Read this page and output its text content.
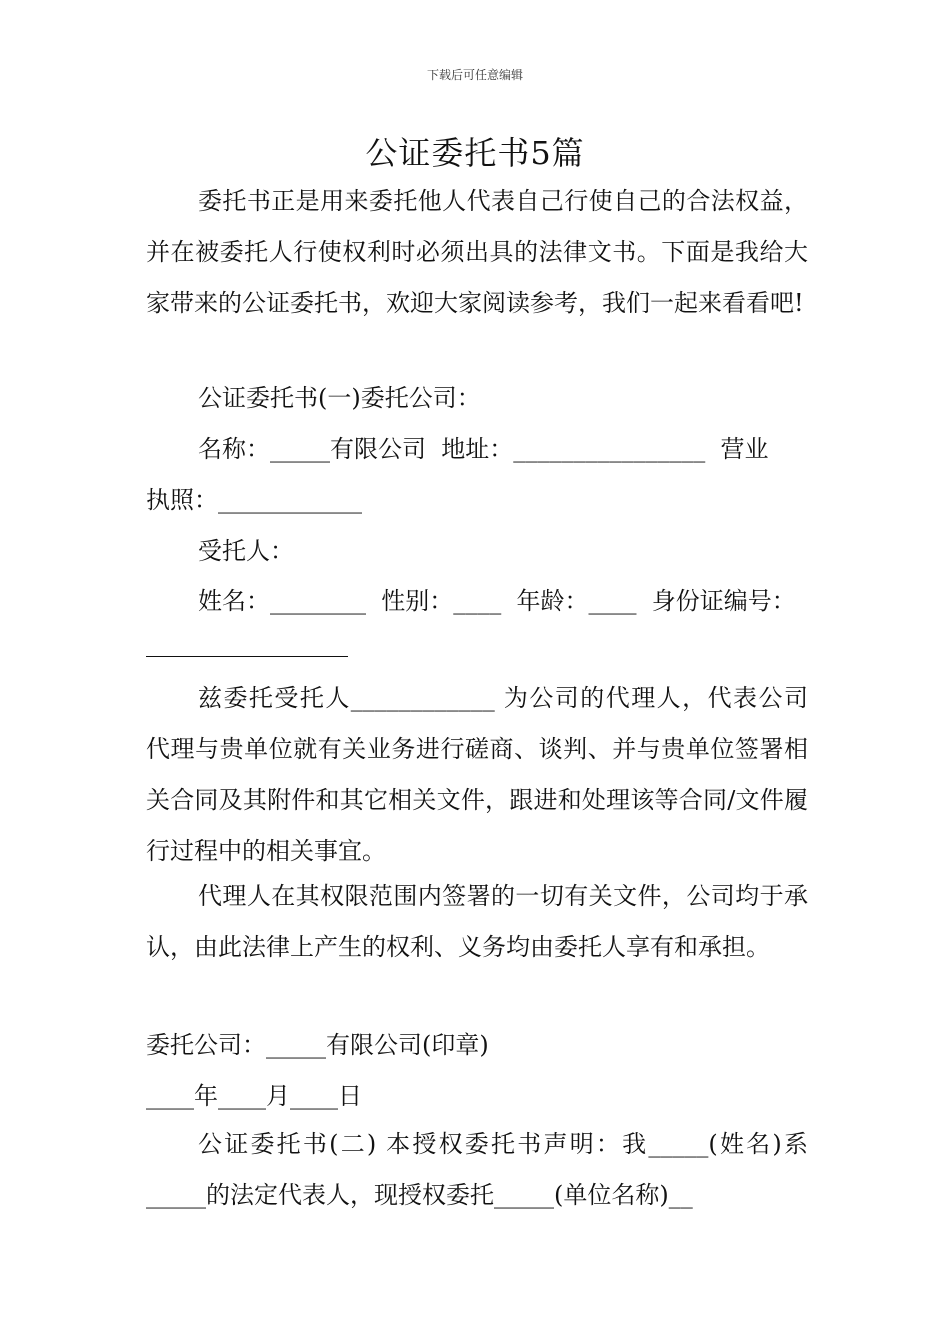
下载后可任意编辑
公证委托书5篇
委托书正是用来委托他人代表自己行使自己的合法权益，并在被委托人行使权利时必须出具的法律文书。下面是我给大家带来的公证委托书，欢迎大家阅读参考，我们一起来看看吧!
公证委托书(一)委托公司：
名称：_____有限公司  地址：________________  营业
执照：____________
受托人：
姓名：________  性别：____  年龄：____  身份证编号：
兹委托受托人____________ 为公司的代理人，代表公司 代理与贵单位就有关业务进行磋商、谈判、并与贵单位签署相关合同及其附件和其它相关文件，跟进和处理该等合同/文件履行过程中的相关事宜。
代理人在其权限范围内签署的一切有关文件，公司均于承认，由此法律上产生的权利、义务均由委托人享有和承担。
委托公司：_____有限公司(印章)
____年____月____日
公证委托书(二) 本授权委托书声明：我_____(姓名)系_____的法定代表人，现授权委托_____(单位名称)__
